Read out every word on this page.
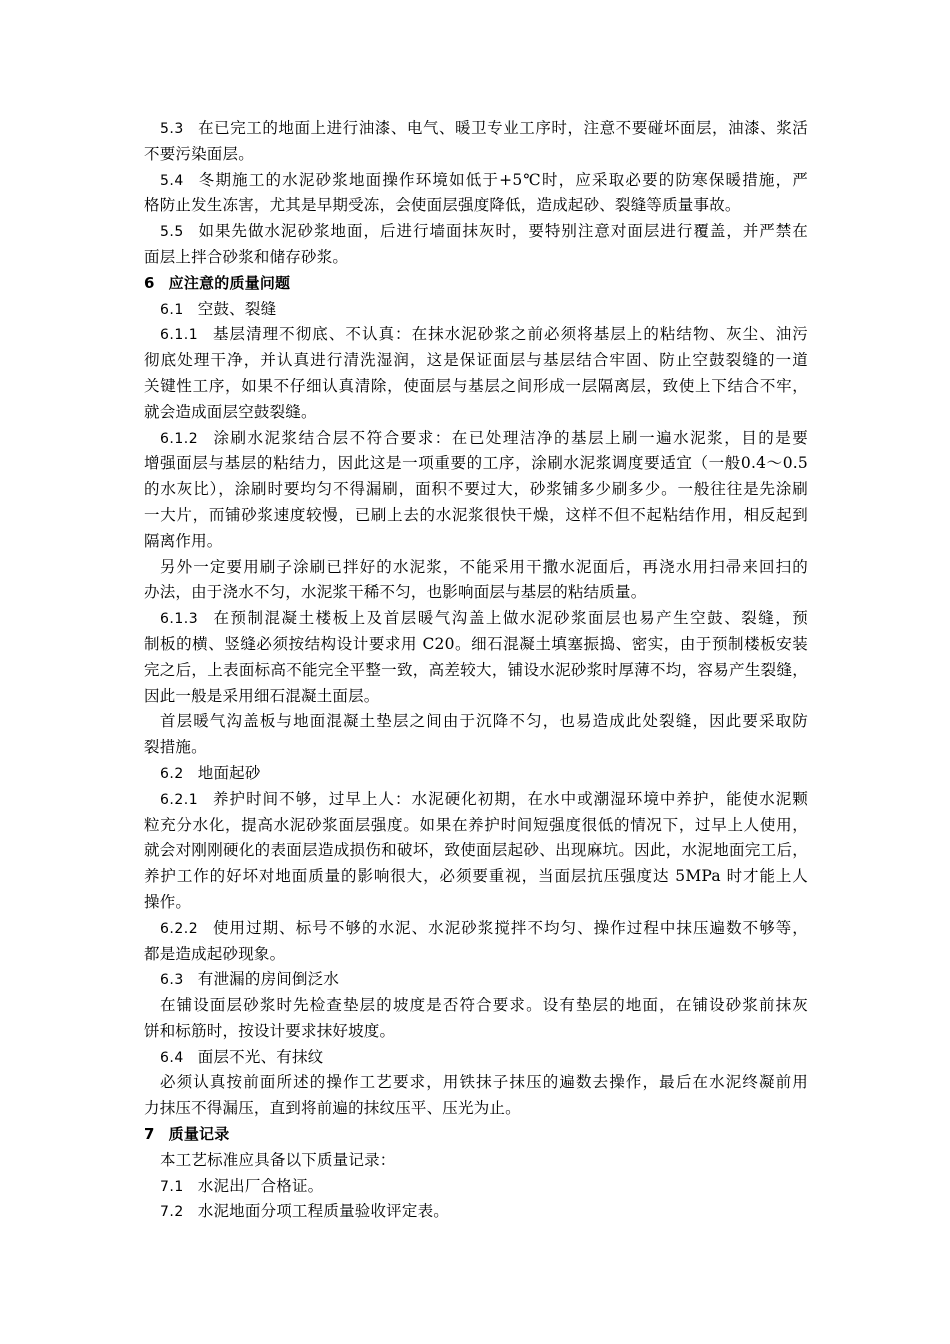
5.3 在已完工的地面上进行油漆、电气、暖卫专业工序时，注意不要碰坏面层，油漆、浆活
不要污染面层。
5.4 冬期施工的水泥砂浆地面操作环境如低于+5℃时，应采取必要的防寒保暖措施，严
格防止发生冻害，尤其是早期受冻，会使面层强度降低，造成起砂、裂缝等质量事故。
5.5 如果先做水泥砂浆地面，后进行墙面抹灰时，要特别注意对面层进行覆盖，并严禁在
面层上拌合砂浆和储存砂浆。
6 应注意的质量问题
6.1 空鼓、裂缝
6.1.1 基层清理不彻底、不认真：在抹水泥砂浆之前必须将基层上的粘结物、灰尘、油污
彻底处理干净，并认真进行清洗湿润，这是保证面层与基层结合牢固、防止空鼓裂缝的一道
关键性工序，如果不仔细认真清除，使面层与基层之间形成一层隔离层，致使上下结合不牢，
就会造成面层空鼓裂缝。
6.1.2 涂刷水泥浆结合层不符合要求：在已处理洁净的基层上刷一遍水泥浆，目的是要
增强面层与基层的粘结力，因此这是一项重要的工序，涂刷水泥浆调度要适宜（一般0.4～0.5
的水灰比），涂刷时要均匀不得漏刷，面积不要过大，砂浆铺多少刷多少。一般往往是先涂刷
一大片，而铺砂浆速度较慢，已刷上去的水泥浆很快干燥，这样不但不起粘结作用，相反起到
隔离作用。
另外一定要用刷子涂刷已拌好的水泥浆，不能采用干撒水泥面后，再浇水用扫帚来回扫的
办法，由于浇水不匀，水泥浆干稀不匀，也影响面层与基层的粘结质量。
6.1.3 在预制混凝土楼板上及首层暖气沟盖上做水泥砂浆面层也易产生空鼓、裂缝，预
制板的横、竖缝必须按结构设计要求用 C20。细石混凝土填塞振捣、密实，由于预制楼板安装
完之后，上表面标高不能完全平整一致，高差较大，铺设水泥砂浆时厚薄不均，容易产生裂缝，
因此一般是采用细石混凝土面层。
首层暖气沟盖板与地面混凝土垫层之间由于沉降不匀，也易造成此处裂缝，因此要采取防
裂措施。
6.2 地面起砂
6.2.1 养护时间不够，过早上人：水泥硬化初期，在水中或潮湿环境中养护，能使水泥颗
粒充分水化，提高水泥砂浆面层强度。如果在养护时间短强度很低的情况下，过早上人使用，
就会对刚刚硬化的表面层造成损伤和破坏，致使面层起砂、出现麻坑。因此，水泥地面完工后，
养护工作的好坏对地面质量的影响很大，必须要重视，当面层抗压强度达 5MPa 时才能上人
操作。
6.2.2 使用过期、标号不够的水泥、水泥砂浆搅拌不均匀、操作过程中抹压遍数不够等，
都是造成起砂现象。
6.3 有泄漏的房间倒泛水
在铺设面层砂浆时先检查垫层的坡度是否符合要求。设有垫层的地面，在铺设砂浆前抹灰
饼和标筋时，按设计要求抹好坡度。
6.4 面层不光、有抹纹
必须认真按前面所述的操作工艺要求，用铁抹子抹压的遍数去操作，最后在水泥终凝前用
力抹压不得漏压，直到将前遍的抹纹压平、压光为止。
7 质量记录
本工艺标准应具备以下质量记录：
7.1 水泥出厂合格证。
7.2 水泥地面分项工程质量验收评定表。
